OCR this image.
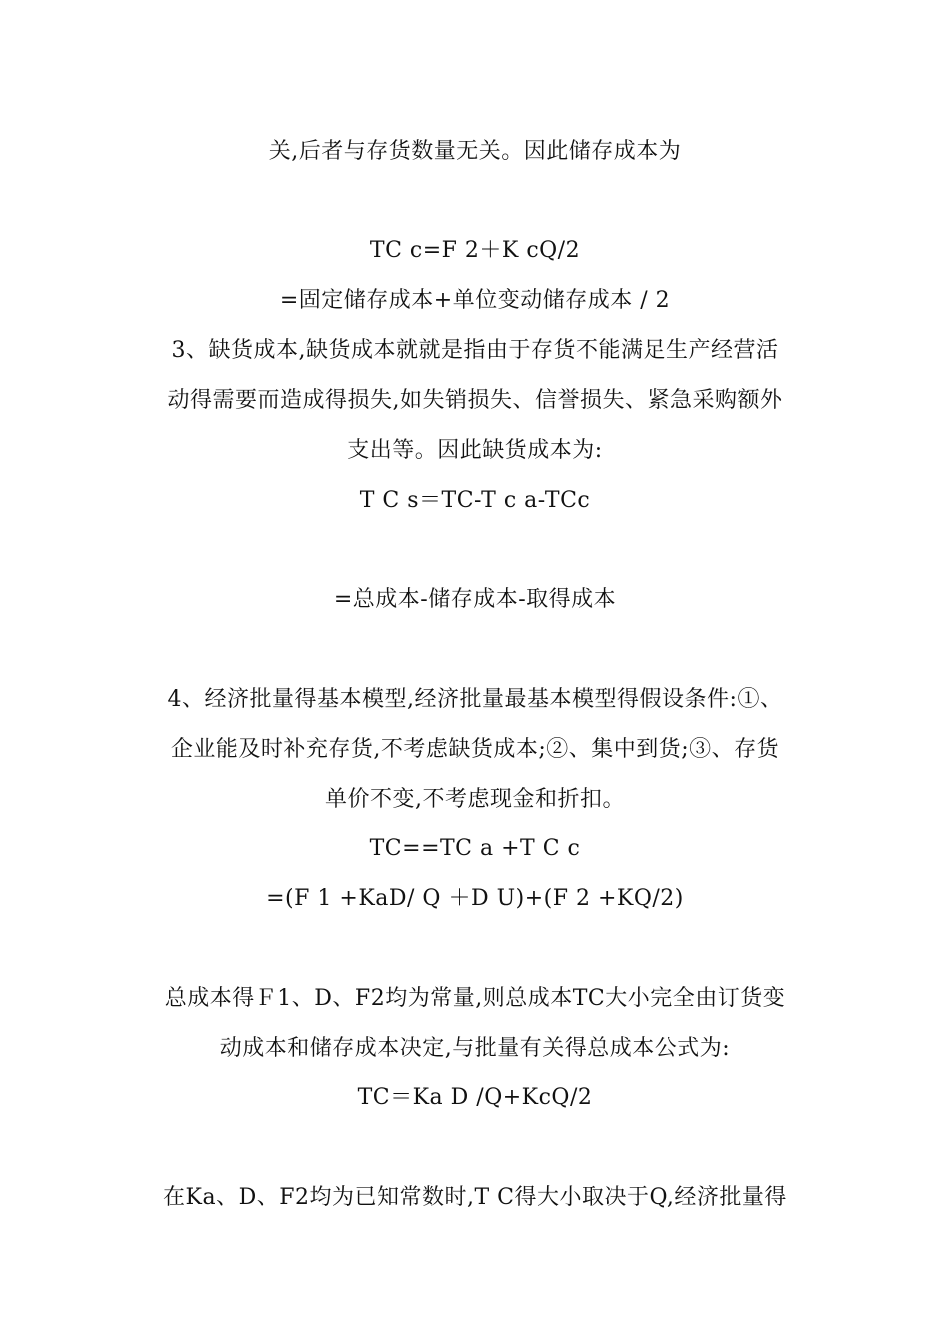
关,后者与存货数量无关。因此储存成本为
TC c=F 2＋K cQ/2
=固定储存成本+单位变动储存成本 / 2
3、缺货成本,缺货成本就就是指由于存货不能满足生产经营活
动得需要而造成得损失,如失销损失、信誉损失、紧急采购额外
支出等。因此缺货成本为:
T C s＝TC-T c a-TCc
=总成本-储存成本-取得成本
4、经济批量得基本模型,经济批量最基本模型得假设条件:①、
企业能及时补充存货,不考虑缺货成本;②、集中到货;③、存货
单价不变,不考虑现金和折扣。
TC==TC a +T C c
=(F 1 +KaD/ Q ＋D U)+(F 2 +KQ/2)
总成本得Ｆ1、D、F2均为常量,则总成本TC大小完全由订货变
动成本和储存成本决定,与批量有关得总成本公式为:
TC＝Ka D /Q+KcQ/2
在Ka、D、F2均为已知常数时,T C得大小取决于Q,经济批量得
